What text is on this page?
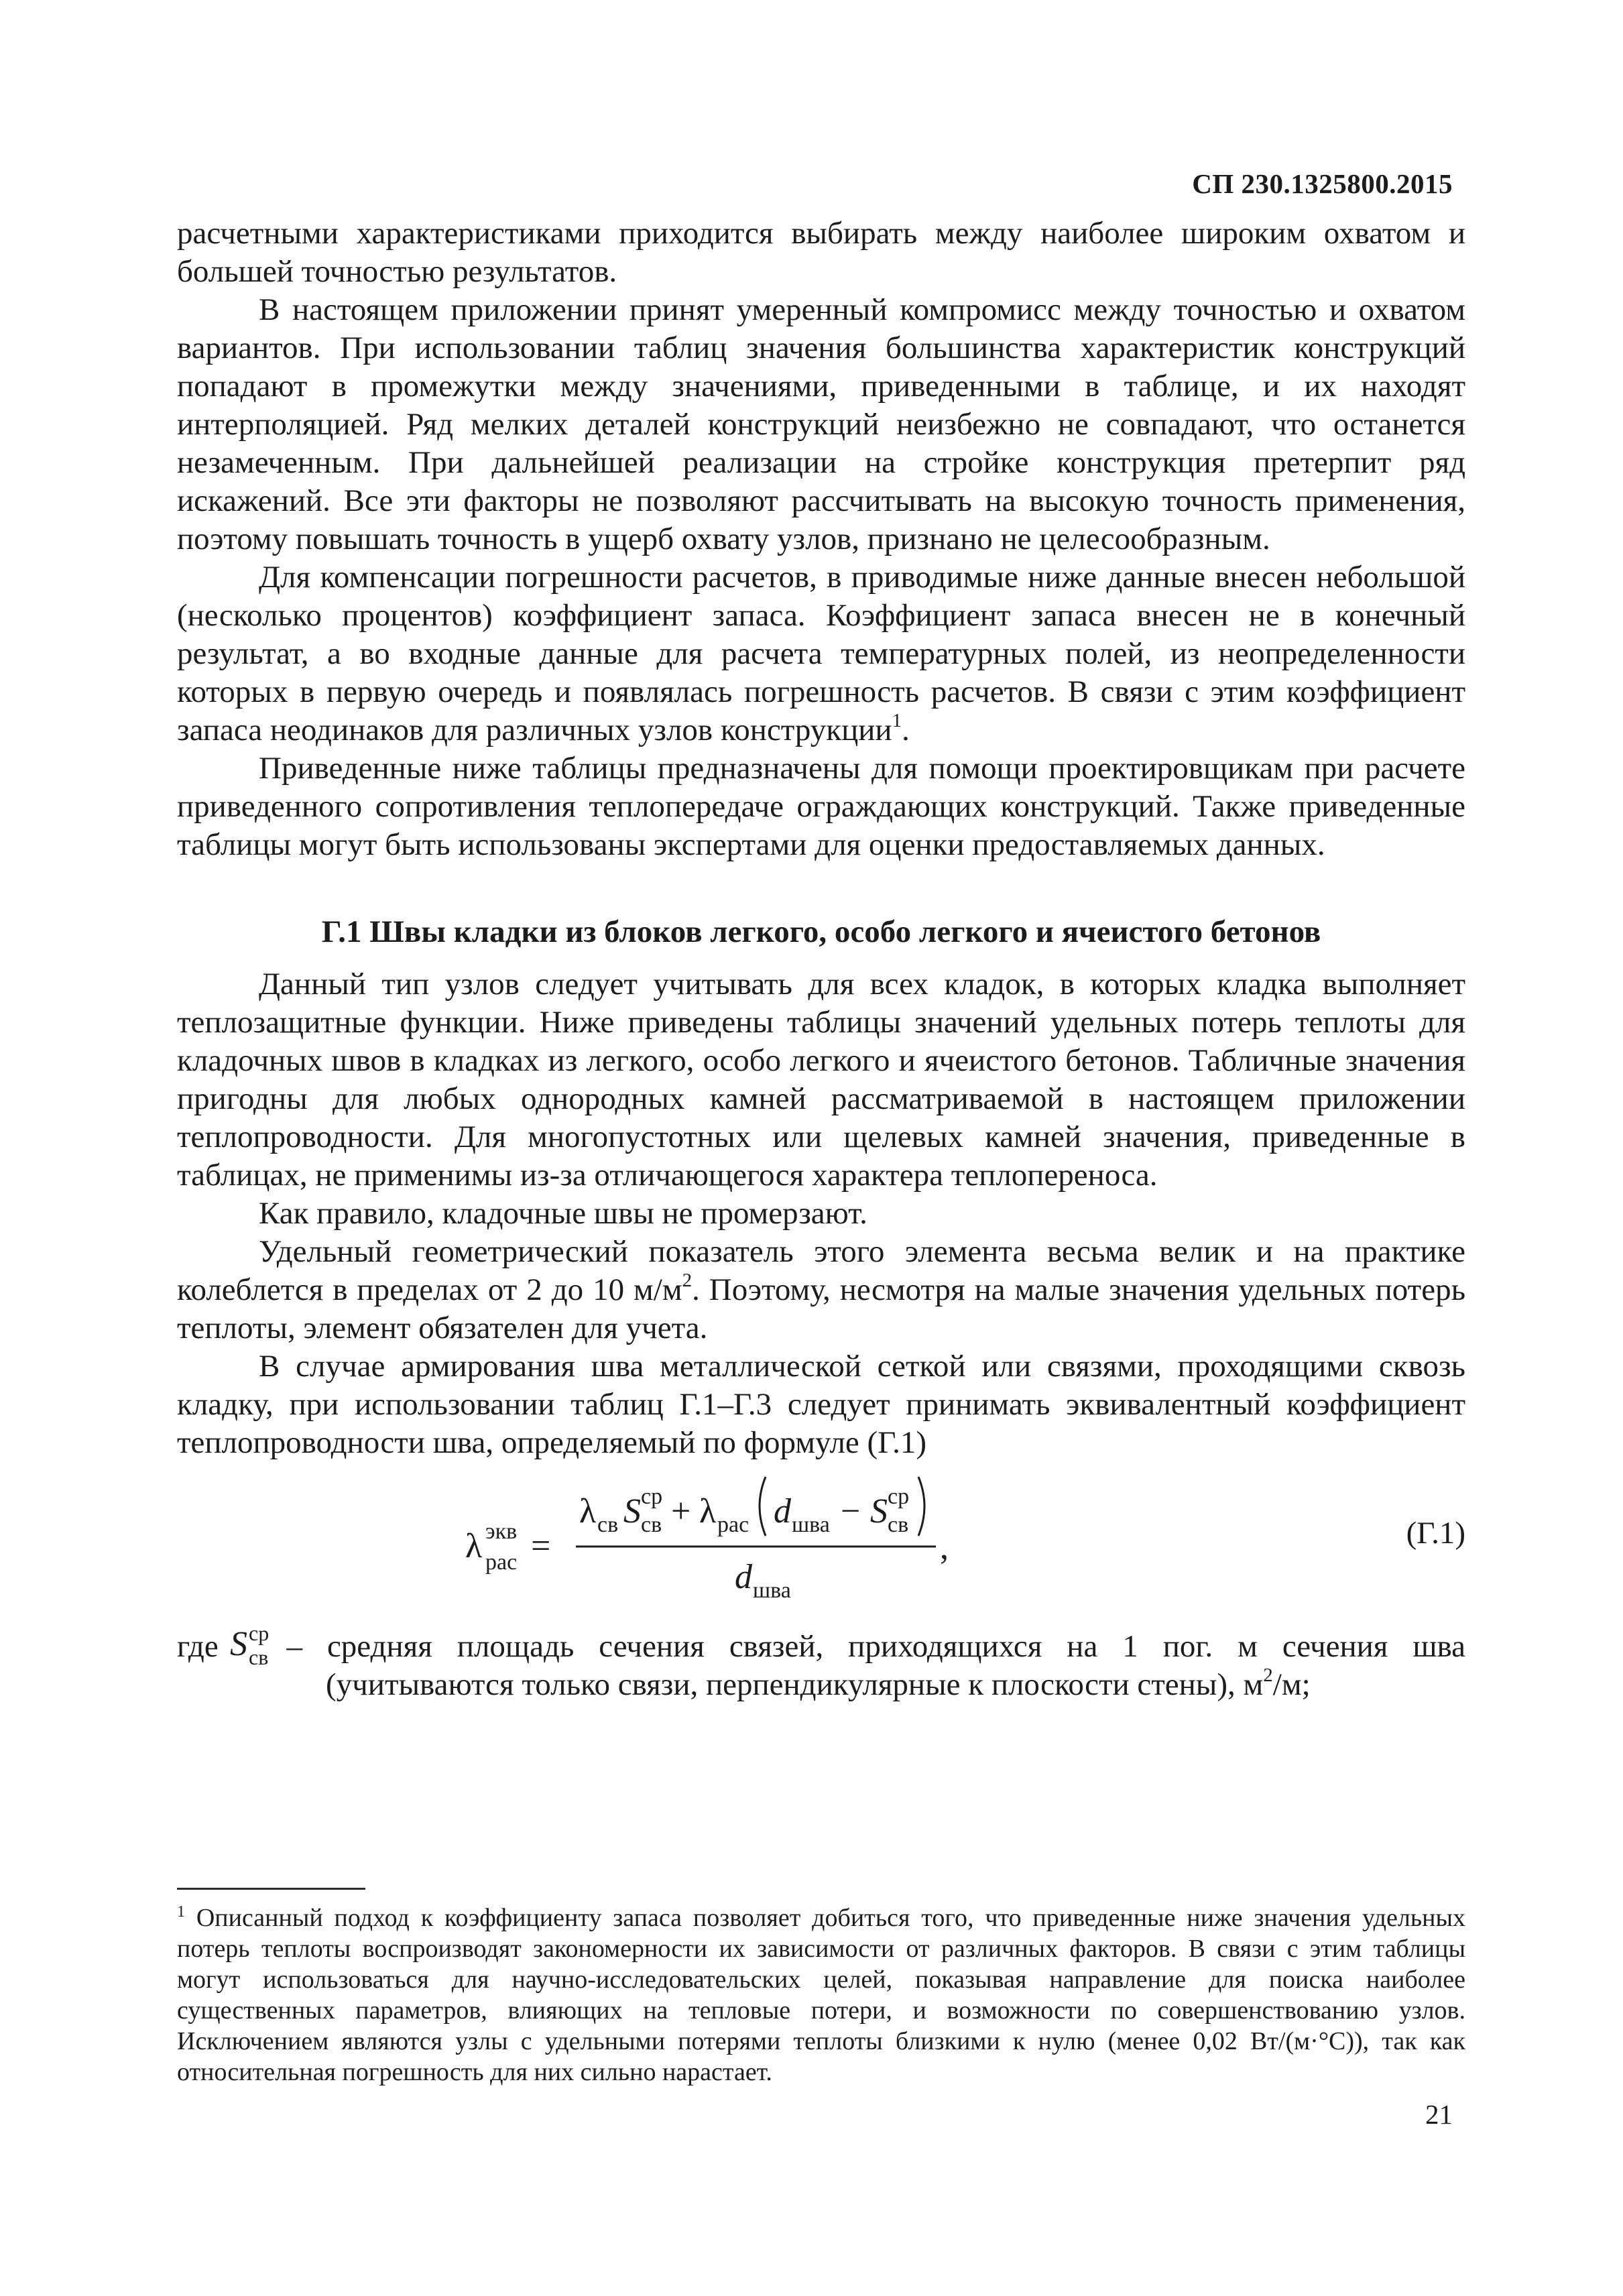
СП 230.1325800.2015

расчетными характеристиками приходится выбирать между наиболее широким охватом и большей точностью результатов.

В настоящем приложении принят умеренный компромисс между точностью и охватом вариантов. При использовании таблиц значения большинства характеристик конструкций попадают в промежутки между значениями, приведенными в таблице, и их находят интерполяцией. Ряд мелких деталей конструкций неизбежно не совпадают, что останется незамеченным. При дальнейшей реализации на стройке конструкция претерпит ряд искажений. Все эти факторы не позволяют рассчитывать на высокую точность применения, поэтому повышать точность в ущерб охвату узлов, признано не целесообразным.

Для компенсации погрешности расчетов, в приводимые ниже данные внесен небольшой (несколько процентов) коэффициент запаса. Коэффициент запаса внесен не в конечный результат, а во входные данные для расчета температурных полей, из неопределенности которых в первую очередь и появлялась погрешность расчетов. В связи с этим коэффициент запаса неодинаков для различных узлов конструкции$^1$.

Приведенные ниже таблицы предназначены для помощи проектировщикам при расчете приведенного сопротивления теплопередаче ограждающих конструкций. Также приведенные таблицы могут быть использованы экспертами для оценки предоставляемых данных.

Г.1 Швы кладки из блоков легкого, особо легкого и ячеистого бетонов

Данный тип узлов следует учитывать для всех кладок, в которых кладка выполняет теплозащитные функции. Ниже приведены таблицы значений удельных потерь теплоты для кладочных швов в кладках из легкого, особо легкого и ячеистого бетонов. Табличные значения пригодны для любых однородных камней рассматриваемой в настоящем приложении теплопроводности. Для многопустотных или щелевых камней значения, приведенные в таблицах, не применимы из-за отличающегося характера теплопереноса.

Как правило, кладочные швы не промерзают.

Удельный геометрический показатель этого элемента весьма велик и на практике колеблется в пределах от 2 до 10 м/м$^2$. Поэтому, несмотря на малые значения удельных потерь теплоты, элемент обязателен для учета.

В случае армирования шва металлической сеткой или связями, проходящими сквозь кладку, при использовании таблиц Г.1–Г.3 следует принимать эквивалентный коэффициент теплопроводности шва, определяемый по формуле (Г.1)

λ экв
рас =
λ св S ср
св + λ рас d шва − S ср
св
d шва
,	(Г.1)
где S ср
св – средняя площадь сечения связей, приходящихся на 1 пог. м сечения шва
(учитываются только связи, перпендикулярные к плоскости стены), м$^2$/м;
$^1$ Описанный подход к коэффициенту запаса позволяет добиться того, что приведенные ниже значения удельных потерь теплоты воспроизводят закономерности их зависимости от различных факторов. В связи с этим таблицы могут использоваться для научно-исследовательских целей, показывая направление для поиска наиболее существенных параметров, влияющих на тепловые потери, и возможности по совершенствованию узлов. Исключением являются узлы с удельными потерями теплоты близкими к нулю (менее 0,02 Вт/(м·°С)), так как относительная погрешность для них сильно нарастает.
21
